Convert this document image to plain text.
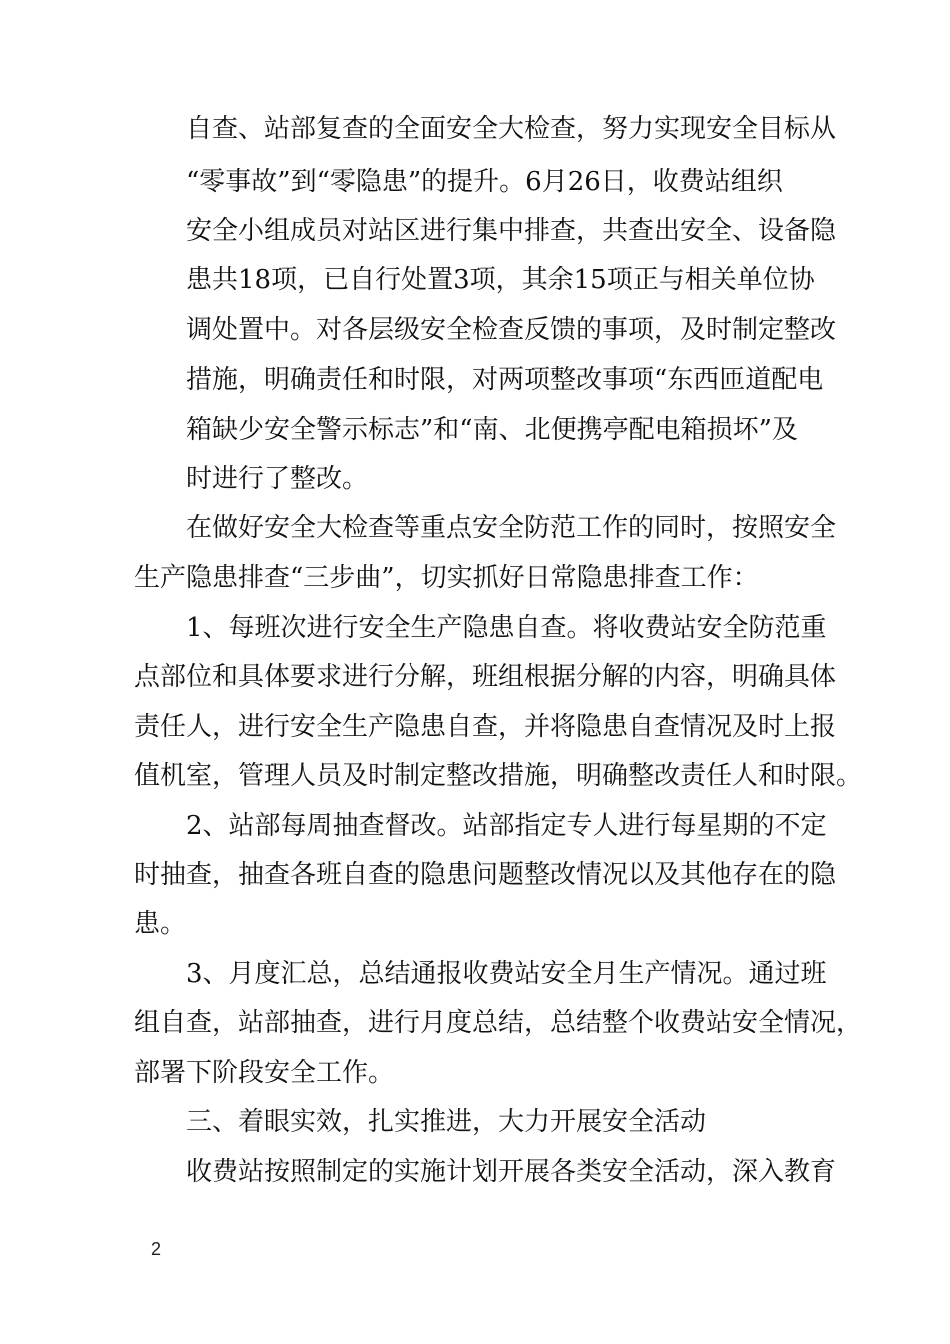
自查、站部复查的全面安全大检查，努力实现安全目标从
“零事故”到“零隐患”的提升。6月26日，收费站组织
安全小组成员对站区进行集中排查，共查出安全、设备隐
患共18项，已自行处置3项，其余15项正与相关单位协
调处置中。对各层级安全检查反馈的事项，及时制定整改
措施，明确责任和时限，对两项整改事项“东西匝道配电
箱缺少安全警示标志”和“南、北便携亭配电箱损坏”及
时进行了整改。
在做好安全大检查等重点安全防范工作的同时，按照安全
生产隐患排查“三步曲”，切实抓好日常隐患排查工作：
1、每班次进行安全生产隐患自查。将收费站安全防范重
点部位和具体要求进行分解，班组根据分解的内容，明确具体
责任人，进行安全生产隐患自查，并将隐患自查情况及时上报
值机室，管理人员及时制定整改措施，明确整改责任人和时限。
2、站部每周抽查督改。站部指定专人进行每星期的不定
时抽查，抽查各班自查的隐患问题整改情况以及其他存在的隐
患。
3、月度汇总，总结通报收费站安全月生产情况。通过班
组自查，站部抽查，进行月度总结，总结整个收费站安全情况，
部署下阶段安全工作。
三、着眼实效，扎实推进，大力开展安全活动
收费站按照制定的实施计划开展各类安全活动，深入教育
2
